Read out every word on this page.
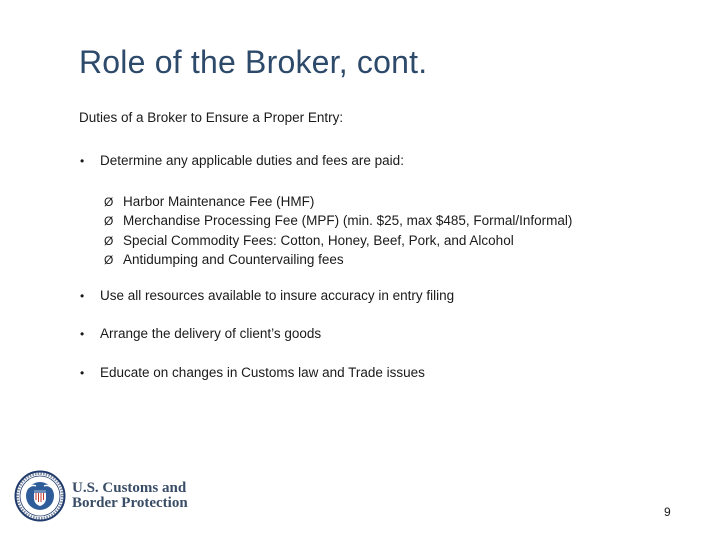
Role of the Broker, cont.
Duties of a Broker to Ensure a Proper Entry:
• Determine any applicable duties and fees are paid:
Ø Harbor Maintenance Fee (HMF)
Ø Merchandise Processing Fee (MPF) (min. $25, max $485, Formal/Informal)
Ø Special Commodity Fees: Cotton, Honey, Beef, Pork, and Alcohol
Ø Antidumping and Countervailing fees
• Use all resources available to insure accuracy in entry filing
• Arrange the delivery of client’s goods
• Educate on changes in Customs law and Trade issues
U.S. Customs and
Border Protection
9
